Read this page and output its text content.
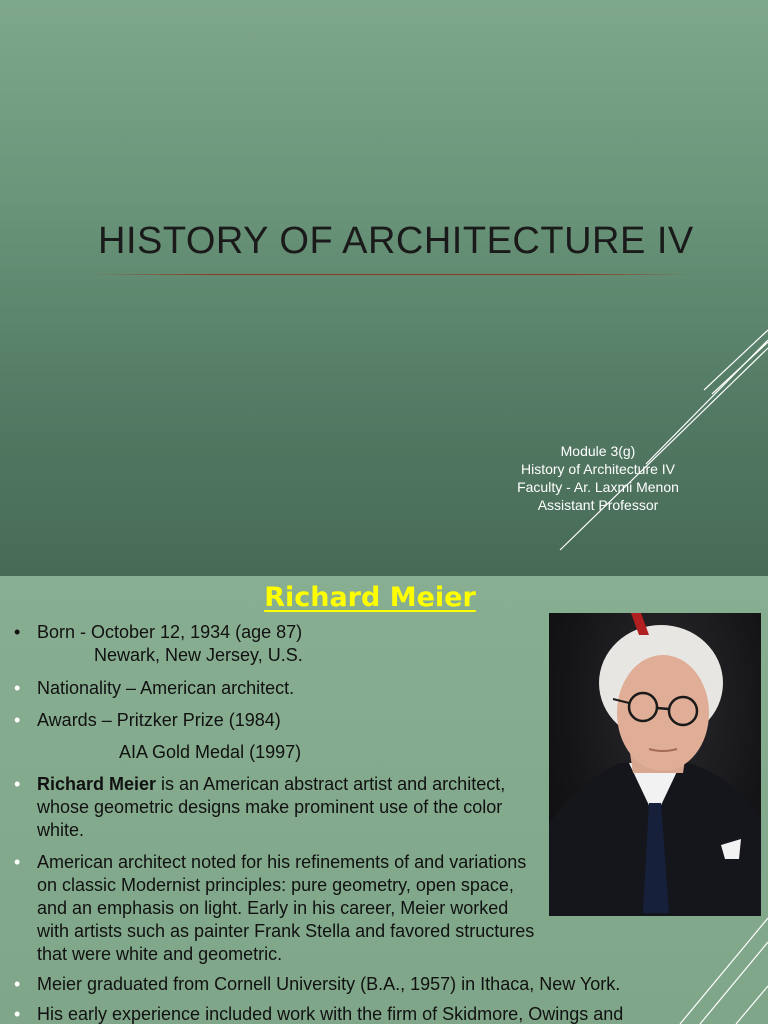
HISTORY OF ARCHITECTURE IV
Module 3(g)
History of Architecture IV
Faculty - Ar. Laxmi Menon
Assistant Professor
Richard Meier
• Born - October 12, 1934 (age 87)
Newark, New Jersey, U.S.
• Nationality – American architect.
• Awards – Pritzker Prize (1984)
AIA Gold Medal (1997)
• Richard Meier is an American abstract artist and architect, whose geometric designs make prominent use of the color white.
• American architect noted for his refinements of and variations on classic Modernist principles: pure geometry, open space, and an emphasis on light. Early in his career, Meier worked with artists such as painter Frank Stella and favored structures that were white and geometric.
• Meier graduated from Cornell University (B.A., 1957) in Ithaca, New York.
• His early experience included work with the firm of Skidmore, Owings and
